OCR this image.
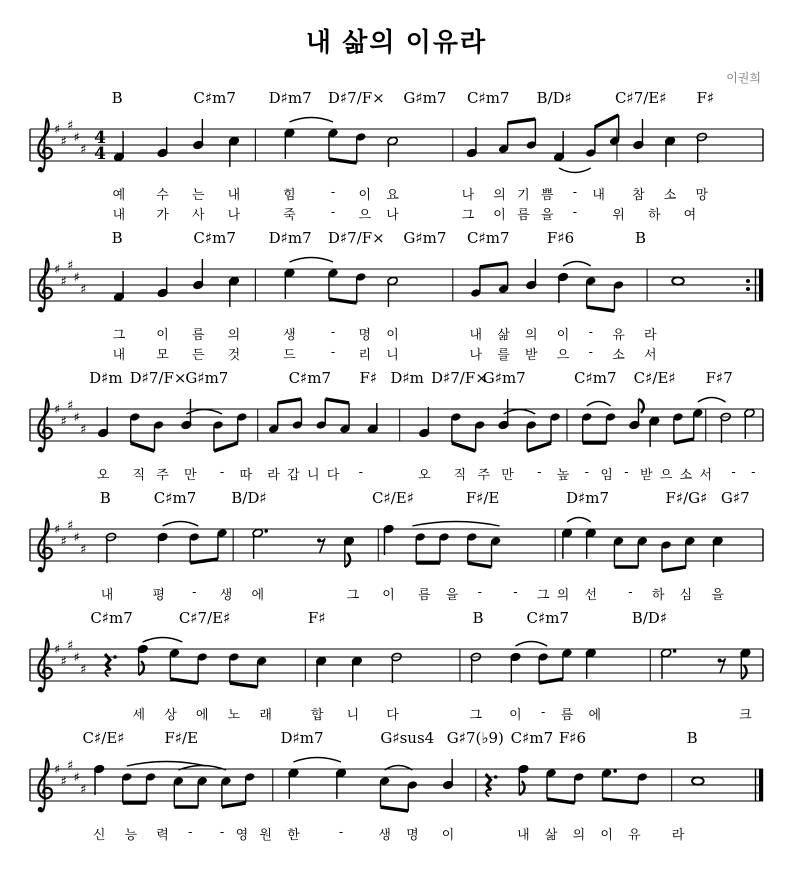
내 삶의 이유라
이권희
B	C♯m7 D♯m7 D♯7/F× G♯m7 C♯m7 B/D♯	C♯7/E♯ F♯
♯
♯
♯
♯
♯
4
4
예 수 는 내	힘	- 이 요	나 의 기 쁨 - 내 참 소 망
내 가 사 나	죽	- 으 나	그 이 름 을 -	위 하 여
B	C♯m7 D♯m7 D♯7/F× G♯m7 C♯m7 F♯6	B
♯
♯
♯
♯
♯
그 이 름 의	생	- 명 이	내 삶 의 이 - 유 라
내 모 든 것	드	- 리 니	나 를 받 으 - 소 서
D♯m D♯7/F×
G♯m7	C♯m7 F♯ D♯m D♯7/F×
G♯m7	C♯m7 C♯/E♯ F♯7
♯
♯
♯
♯
♯
오 직 주 만 - 따 라 갑 니 다 -	오 직 주 만 - 높 - 임 - 받 으 소 서 - -
B	C♯m7 B/D♯	C♯/E♯	F♯/E	D♯m7	F♯/G♯ G♯7
♯
♯
♯
♯
♯
내	평 - 생 에	그 이 름 을 - - 그 의 선 - 하 심 을
C♯m7	C♯7/E♯	F♯	B	C♯m7	B/D♯
♯
♯
♯
♯
♯
세 상 에 노 래	합 니 다	그 이 - 름 에	크
C♯/E♯	F♯/E	D♯m7	G♯sus4 G♯7(♭9) C♯m7 F♯6	B
♯
♯
♯
♯
♯
신 능 력 - - 영 원 한	-	생 명 이	내 삶 의 이 유 라
